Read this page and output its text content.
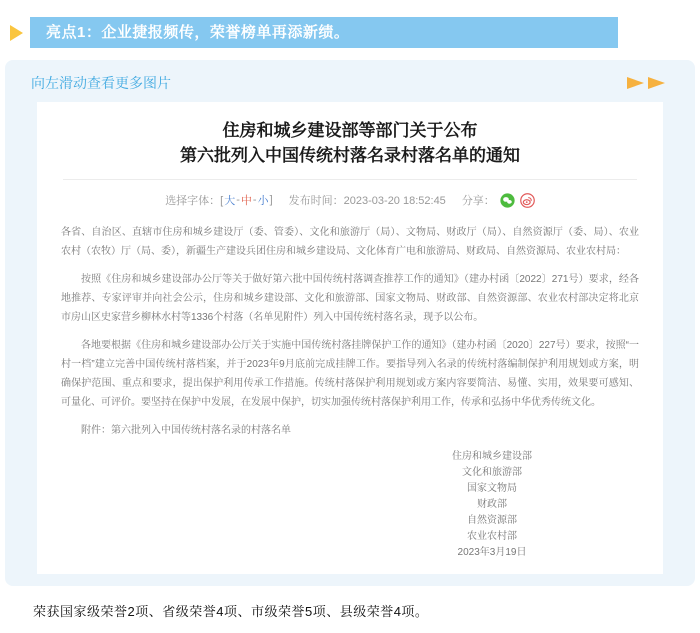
亮点1：企业捷报频传，荣誉榜单再添新绩。
向左滑动查看更多图片
住房和城乡建设部等部门关于公布
第六批列入中国传统村落名录村落名单的通知
选择字体：[ 大 - 中 - 小 ] 发布时间：2023-03-20 18:52:45 分享：

各省、自治区、直辖市住房和城乡建设厅（委、管委）、文化和旅游厅（局）、文物局、财政厅（局）、自然资源厅（委、局）、农业农村（农牧）厅（局、委），新疆生产建设兵团住房和城乡建设局、文化体育广电和旅游局、财政局、自然资源局、农业农村局：

按照《住房和城乡建设部办公厅等关于做好第六批中国传统村落调查推荐工作的通知》（建办村函〔2022〕271号）要求，经各地推荐、专家评审并向社会公示，住房和城乡建设部、文化和旅游部、国家文物局、财政部、自然资源部、农业农村部决定将北京市房山区史家营乡柳林水村等1336个村落（名单见附件）列入中国传统村落名录，现予以公布。

各地要根据《住房和城乡建设部办公厅关于实施中国传统村落挂牌保护工作的通知》（建办村函〔2020〕227号）要求，按照“一村一档”建立完善中国传统村落档案，并于2023年9月底前完成挂牌工作。要指导列入名录的传统村落编制保护利用规划或方案，明确保护范围、重点和要求，提出保护利用传承工作措施。传统村落保护利用规划或方案内容要简洁、易懂、实用，效果要可感知、可量化、可评价。要坚持在保护中发展，在发展中保护，切实加强传统村落保护利用工作，传承和弘扬中华优秀传统文化。

附件：第六批列入中国传统村落名录的村落名单

住房和城乡建设部
文化和旅游部
国家文物局
财政部
自然资源部
农业农村部
2023年3月19日
荣获国家级荣誉2项、省级荣誉4项、市级荣誉5项、县级荣誉4项。
